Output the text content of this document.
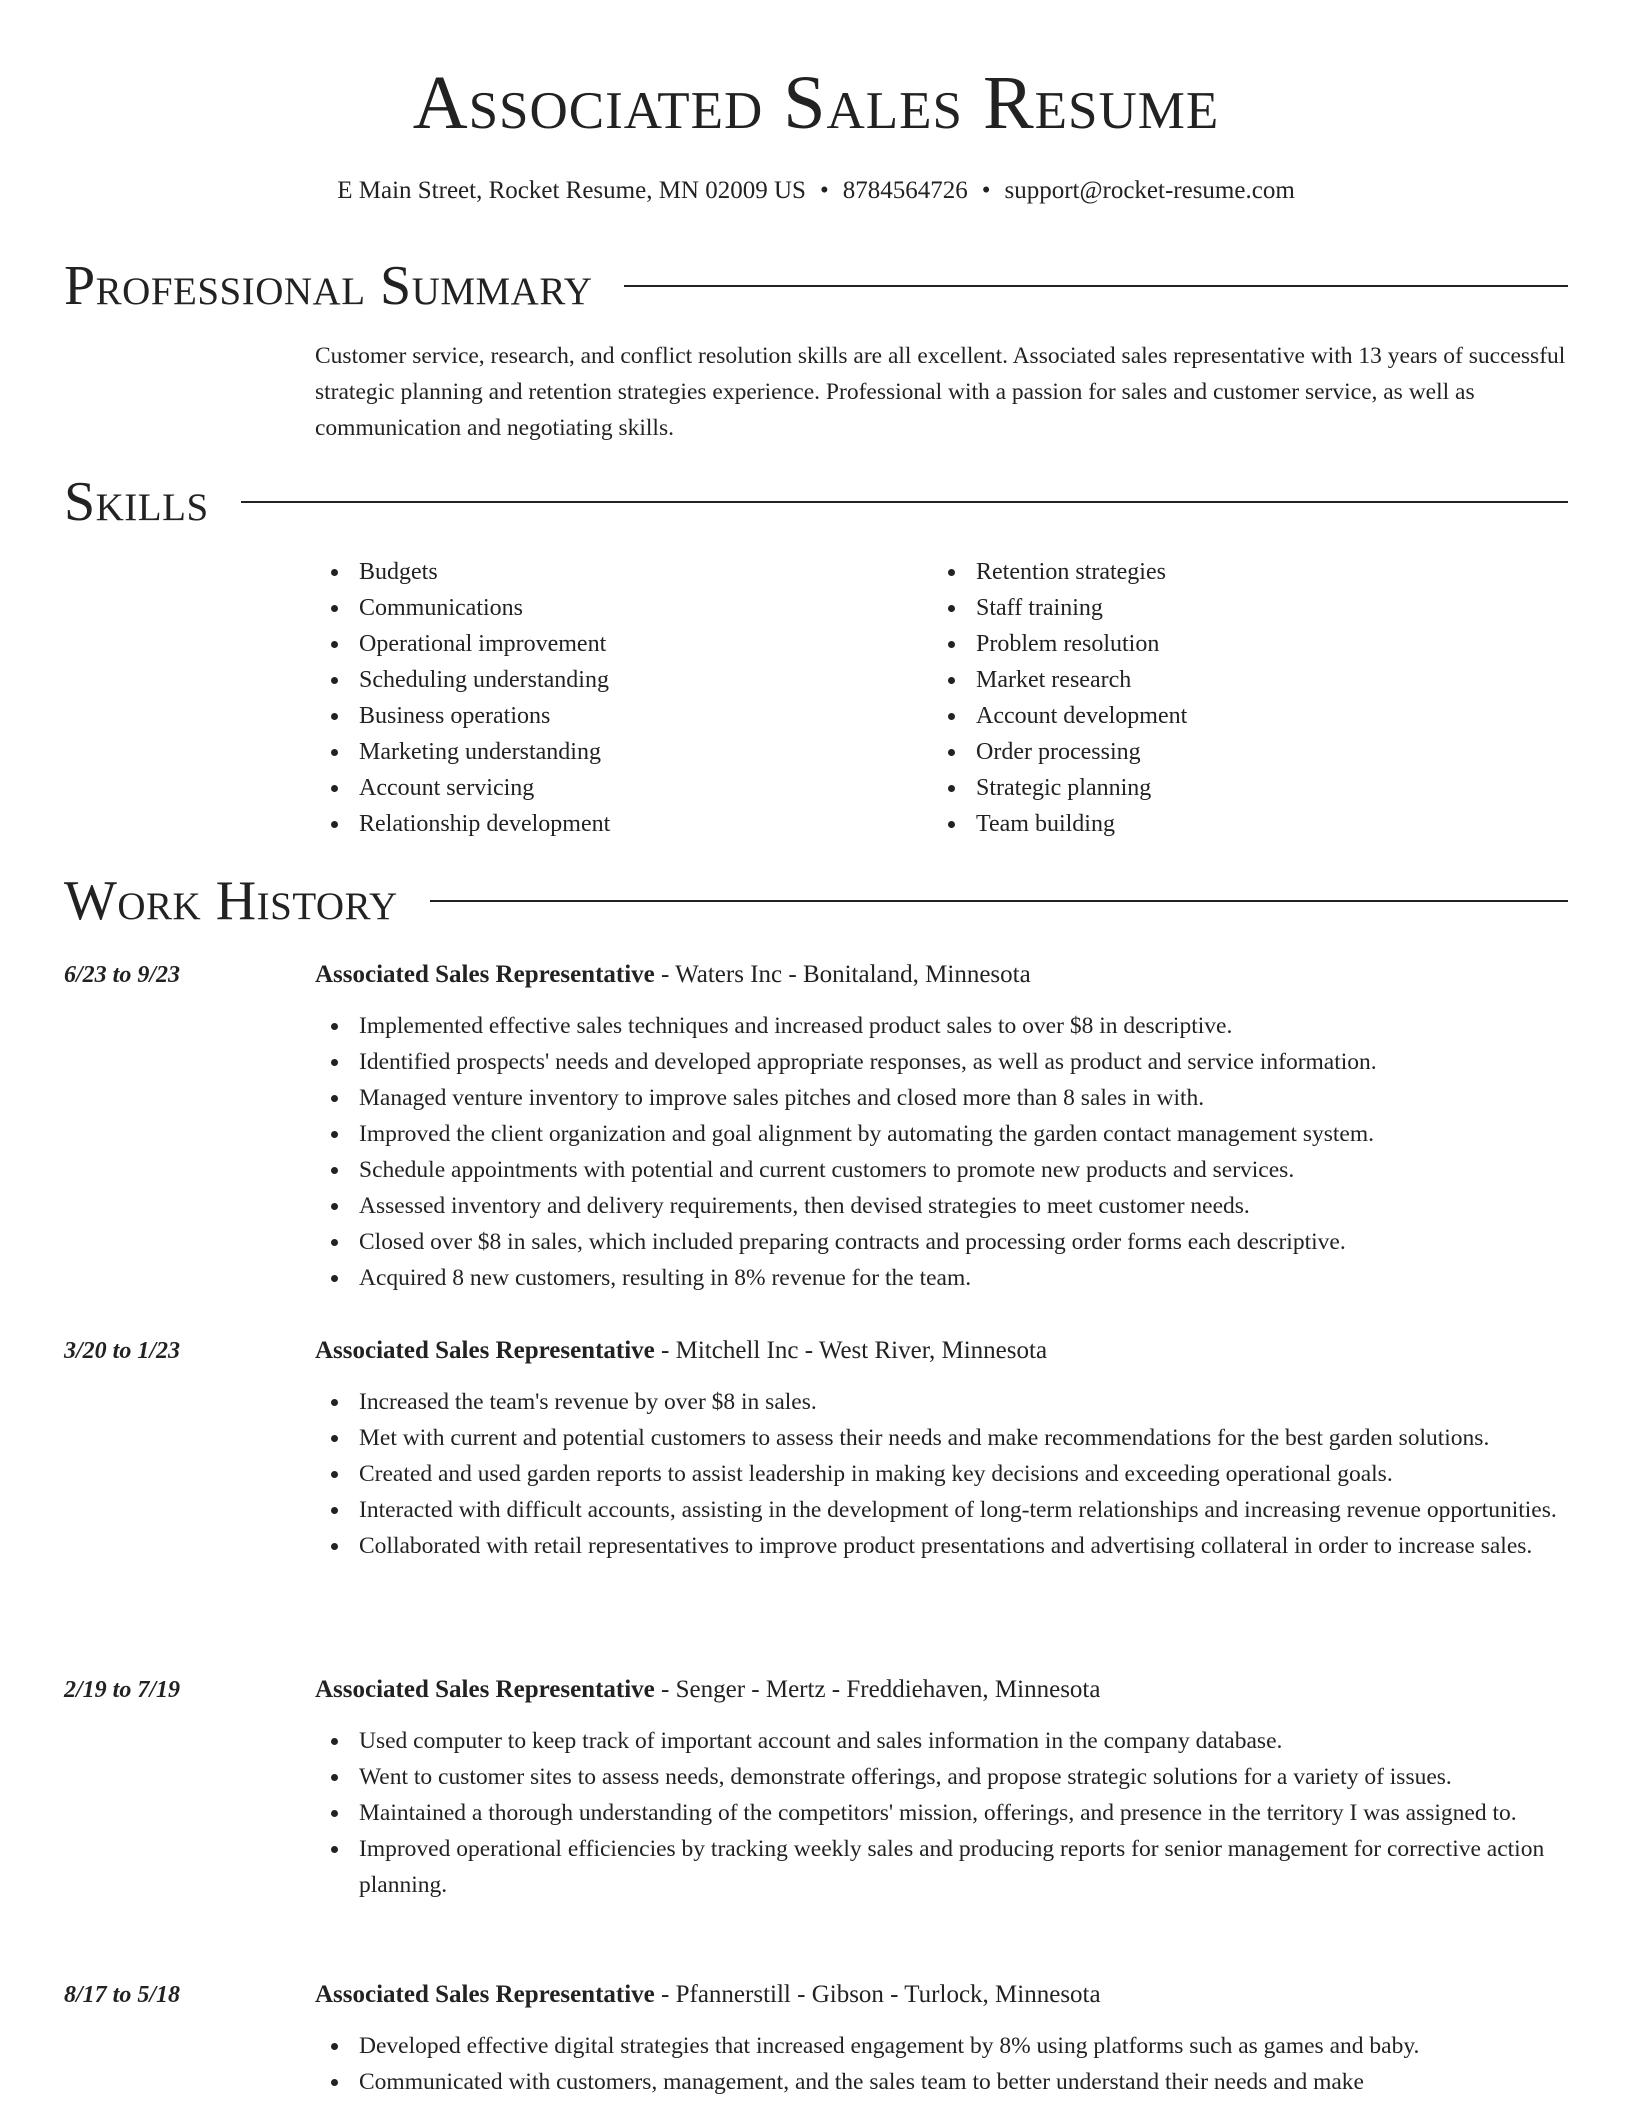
Associated Sales Resume
E Main Street, Rocket Resume, MN 02009 US • 8784564726 • support@rocket-resume.com
Professional Summary
Customer service, research, and conflict resolution skills are all excellent. Associated sales representative with 13 years of successful strategic planning and retention strategies experience. Professional with a passion for sales and customer service, as well as communication and negotiating skills.
Skills
Budgets
Communications
Operational improvement
Scheduling understanding
Business operations
Marketing understanding
Account servicing
Relationship development
Retention strategies
Staff training
Problem resolution
Market research
Account development
Order processing
Strategic planning
Team building
Work History
6/23 to 9/23	Associated Sales Representative - Waters Inc - Bonitaland, Minnesota
Implemented effective sales techniques and increased product sales to over $8 in descriptive.
Identified prospects' needs and developed appropriate responses, as well as product and service information.
Managed venture inventory to improve sales pitches and closed more than 8 sales in with.
Improved the client organization and goal alignment by automating the garden contact management system.
Schedule appointments with potential and current customers to promote new products and services.
Assessed inventory and delivery requirements, then devised strategies to meet customer needs.
Closed over $8 in sales, which included preparing contracts and processing order forms each descriptive.
Acquired 8 new customers, resulting in 8% revenue for the team.
3/20 to 1/23	Associated Sales Representative - Mitchell Inc - West River, Minnesota
Increased the team's revenue by over $8 in sales.
Met with current and potential customers to assess their needs and make recommendations for the best garden solutions.
Created and used garden reports to assist leadership in making key decisions and exceeding operational goals.
Interacted with difficult accounts, assisting in the development of long-term relationships and increasing revenue opportunities.
Collaborated with retail representatives to improve product presentations and advertising collateral in order to increase sales.
2/19 to 7/19	Associated Sales Representative - Senger - Mertz - Freddiehaven, Minnesota
Used computer to keep track of important account and sales information in the company database.
Went to customer sites to assess needs, demonstrate offerings, and propose strategic solutions for a variety of issues.
Maintained a thorough understanding of the competitors' mission, offerings, and presence in the territory I was assigned to.
Improved operational efficiencies by tracking weekly sales and producing reports for senior management for corrective action planning.
8/17 to 5/18	Associated Sales Representative - Pfannerstill - Gibson - Turlock, Minnesota
Developed effective digital strategies that increased engagement by 8% using platforms such as games and baby.
Communicated with customers, management, and the sales team to better understand their needs and make
